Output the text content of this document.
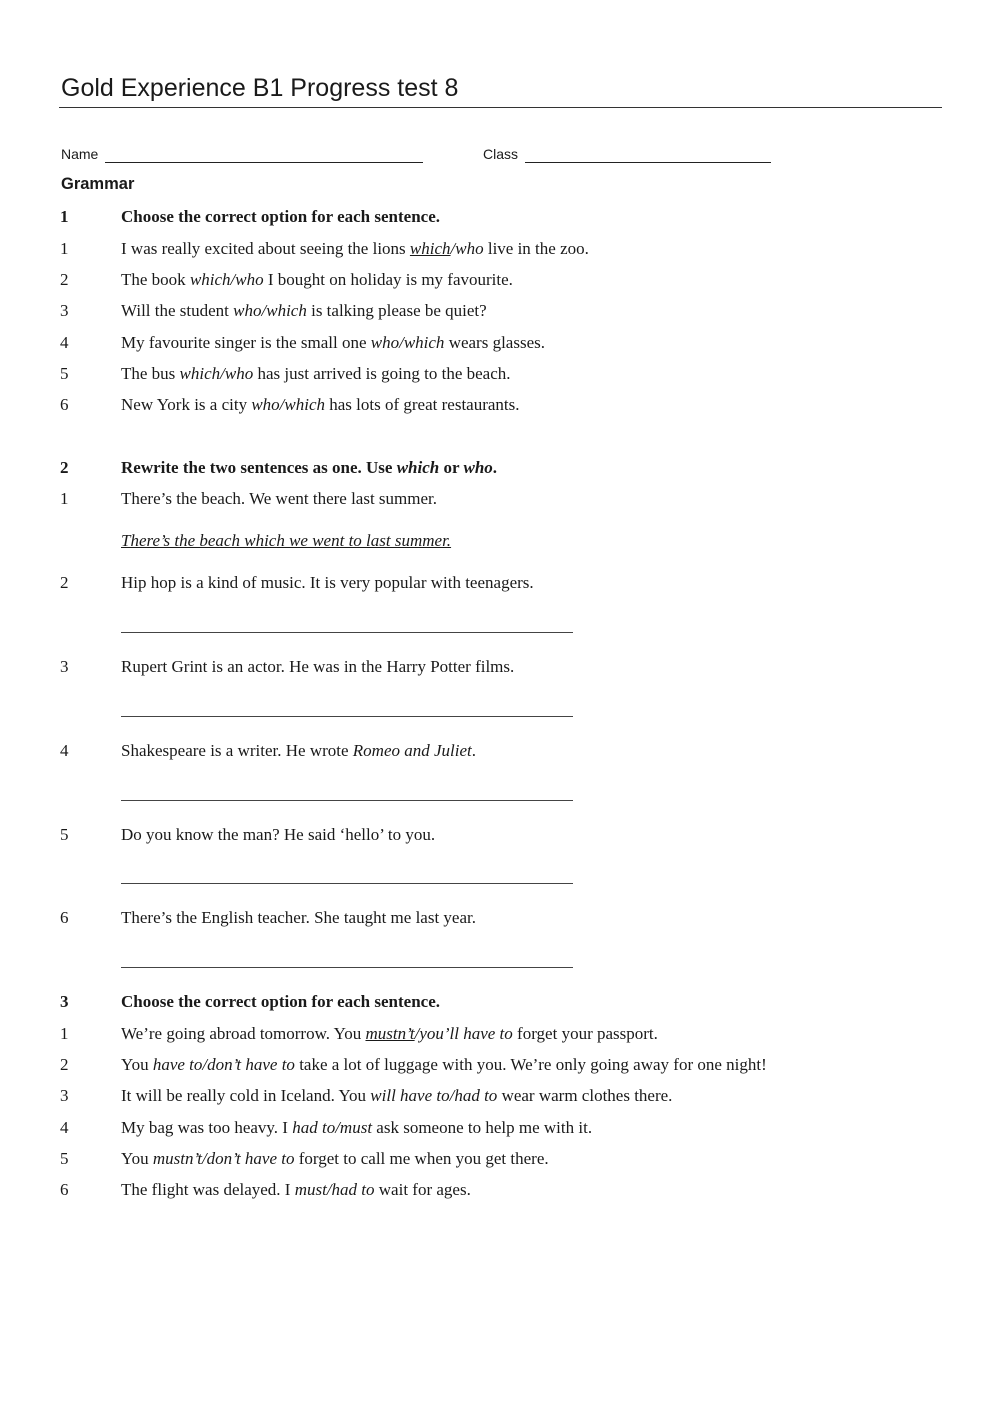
Gold Experience B1 Progress test 8
Name	Class
Grammar
1	Choose the correct option for each sentence.
1	I was really excited about seeing the lions which/who live in the zoo.
2	The book which/who I bought on holiday is my favourite.
3	Will the student who/which is talking please be quiet?
4	My favourite singer is the small one who/which wears glasses.
5	The bus which/who has just arrived is going to the beach.
6	New York is a city who/which has lots of great restaurants.
2	Rewrite the two sentences as one. Use which or who.
1	There’s the beach. We went there last summer.
There’s the beach which we went to last summer.
2	Hip hop is a kind of music. It is very popular with teenagers.
3	Rupert Grint is an actor. He was in the Harry Potter films.
4	Shakespeare is a writer. He wrote Romeo and Juliet.
5	Do you know the man? He said ‘hello’ to you.
6	There’s the English teacher. She taught me last year.
3	Choose the correct option for each sentence.
1	We’re going abroad tomorrow. You mustn’t/you’ll have to forget your passport.
2	You have to/don’t have to take a lot of luggage with you. We’re only going away for one night!
3	It will be really cold in Iceland. You will have to/had to wear warm clothes there.
4	My bag was too heavy. I had to/must ask someone to help me with it.
5	You mustn’t/don’t have to forget to call me when you get there.
6	The flight was delayed. I must/had to wait for ages.
